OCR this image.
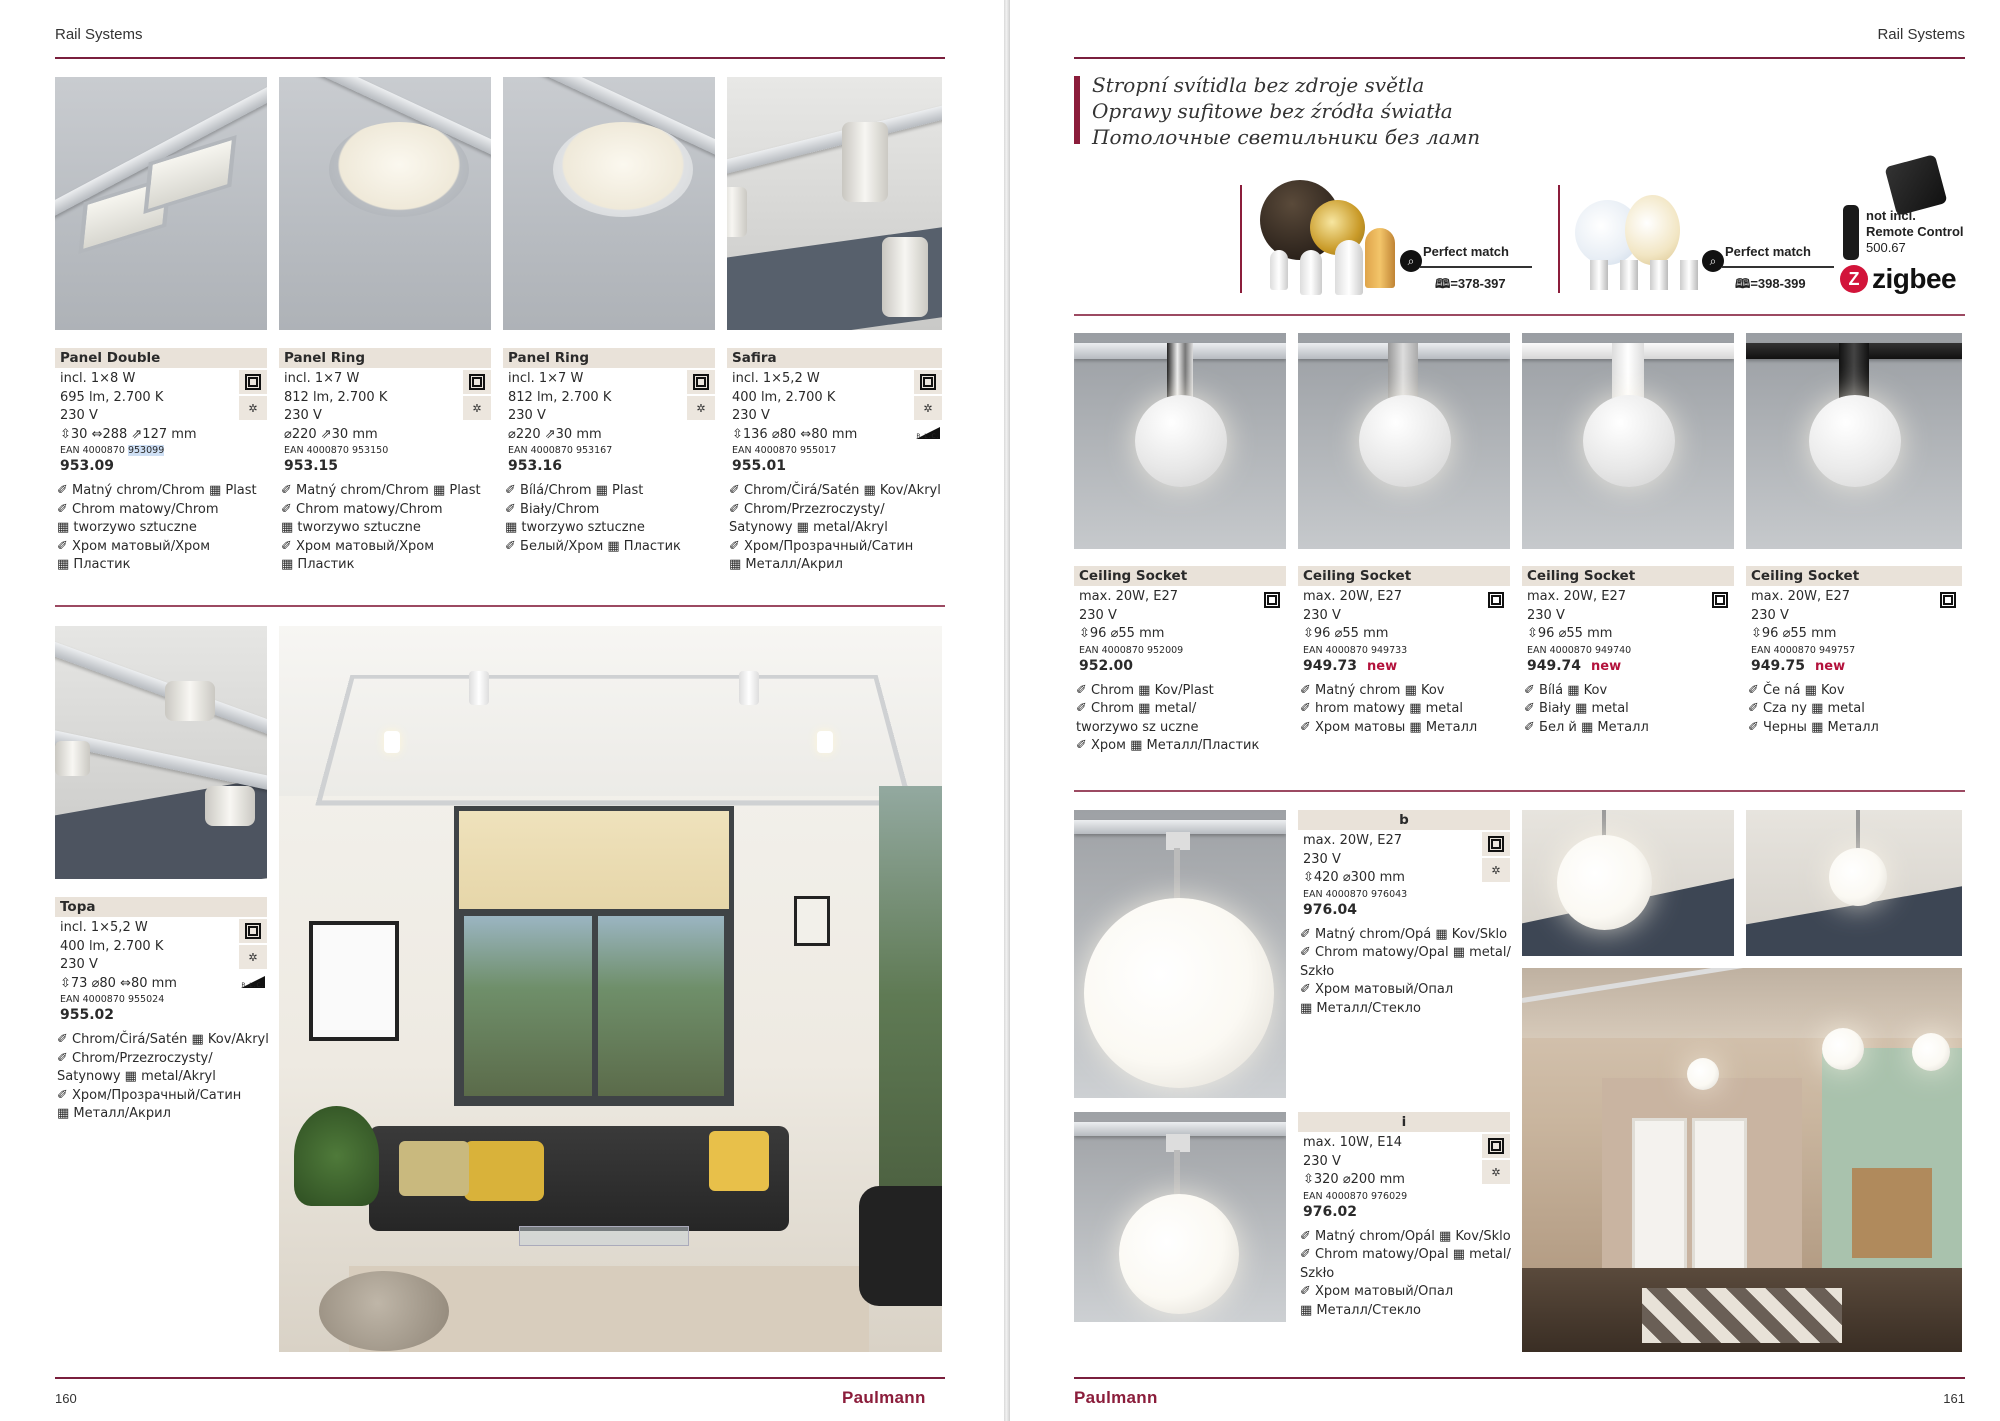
Rail Systems
Panel Double
✲
incl. 1×8 W
695 lm, 2.700 K
230 V
⇳30 ⇔288 ⇗127 mm
EAN 4000870 953099
953.09
✐ Matný chrom/Chrom ▦ Plast
✐ Chrom matowy/Chrom
▦ tworzywo sztuczne
✐ Хром матовый/Хром
▦ Пластик
Panel Ring
✲
incl. 1×7 W
812 lm, 2.700 K
230 V
⌀220 ⇗30 mm
EAN 4000870 953150
953.15
✐ Matný chrom/Chrom ▦ Plast
✐ Chrom matowy/Chrom
▦ tworzywo sztuczne
✐ Хром матовый/Хром
▦ Пластик
Panel Ring
✲
incl. 1×7 W
812 lm, 2.700 K
230 V
⌀220 ⇗30 mm
EAN 4000870 953167
953.16
✐ Bílá/Chrom ▦ Plast
✐ Biały/Chrom
▦ tworzywo sztuczne
✐ Белый/Хром ▦ Пластик
Safira
✲
R.L.C.
incl. 1×5,2 W
400 lm, 2.700 K
230 V
⇳136 ⌀80 ⇔80 mm
EAN 4000870 955017
955.01
✐ Chrom/Čirá/Satén ▦ Kov/Akryl
✐ Chrom/Przezroczysty/
Satynowy ▦ metal/Akryl
✐ Хром/Прозрачный/Сатин
▦ Металл/Акрил
Topa
✲
R.L.C.
incl. 1×5,2 W
400 lm, 2.700 K
230 V
⇳73 ⌀80 ⇔80 mm
EAN 4000870 955024
955.02
✐ Chrom/Čirá/Satén ▦ Kov/Akryl
✐ Chrom/Przezroczysty/
Satynowy ▦ metal/Akryl
✐ Хром/Прозрачный/Сатин
▦ Металл/Акрил
160	Paulmann
Rail Systems
Stropní svítidla bez zdroje světla
Oprawy sufitowe bez źródła światła
Потолочные светильники без ламп
⌕
Perfect match
🕮=378-397
⌕
Perfect match
🕮=398-399
not incl.
Remote Control
500.67
Z zigbee
Ceiling Socket
max. 20W, E27
230 V
⇳96 ⌀55 mm
EAN 4000870 952009
952.00
✐ Chrom ▦ Kov/Plast
✐ Chrom ▦ metal/
tworzywo sz uczne
✐ Хром ▦ Металл/Пластик
Ceiling Socket
max. 20W, E27
230 V
⇳96 ⌀55 mm
EAN 4000870 949733
949.73 new
✐ Matný chrom ▦ Kov
✐ hrom matowy ▦ metal
✐ Хром матовы ▦ Металл
Ceiling Socket
max. 20W, E27
230 V
⇳96 ⌀55 mm
EAN 4000870 949740
949.74 new
✐ Bílá ▦ Kov
✐ Biały ▦ metal
✐ Бел й ▦ Металл
Ceiling Socket
max. 20W, E27
230 V
⇳96 ⌀55 mm
EAN 4000870 949757
949.75 new
✐ Če ná ▦ Kov
✐ Cza ny ▦ metal
✐ Черны ▦ Металл
b
✲
max. 20W, E27
230 V
⇳420 ⌀300 mm
EAN 4000870 976043
976.04
✐ Matný chrom/Opá ▦ Kov/Sklo
✐ Chrom matowy/Opal ▦ metal/
Szkło
✐ Хром матовый/Опал
▦ Металл/Стекло
i
✲
max. 10W, E14
230 V
⇳320 ⌀200 mm
EAN 4000870 976029
976.02
✐ Matný chrom/Opál ▦ Kov/Sklo
✐ Chrom matowy/Opal ▦ metal/
Szkło
✐ Хром матовый/Опал
▦ Металл/Стекло
Paulmann	161
